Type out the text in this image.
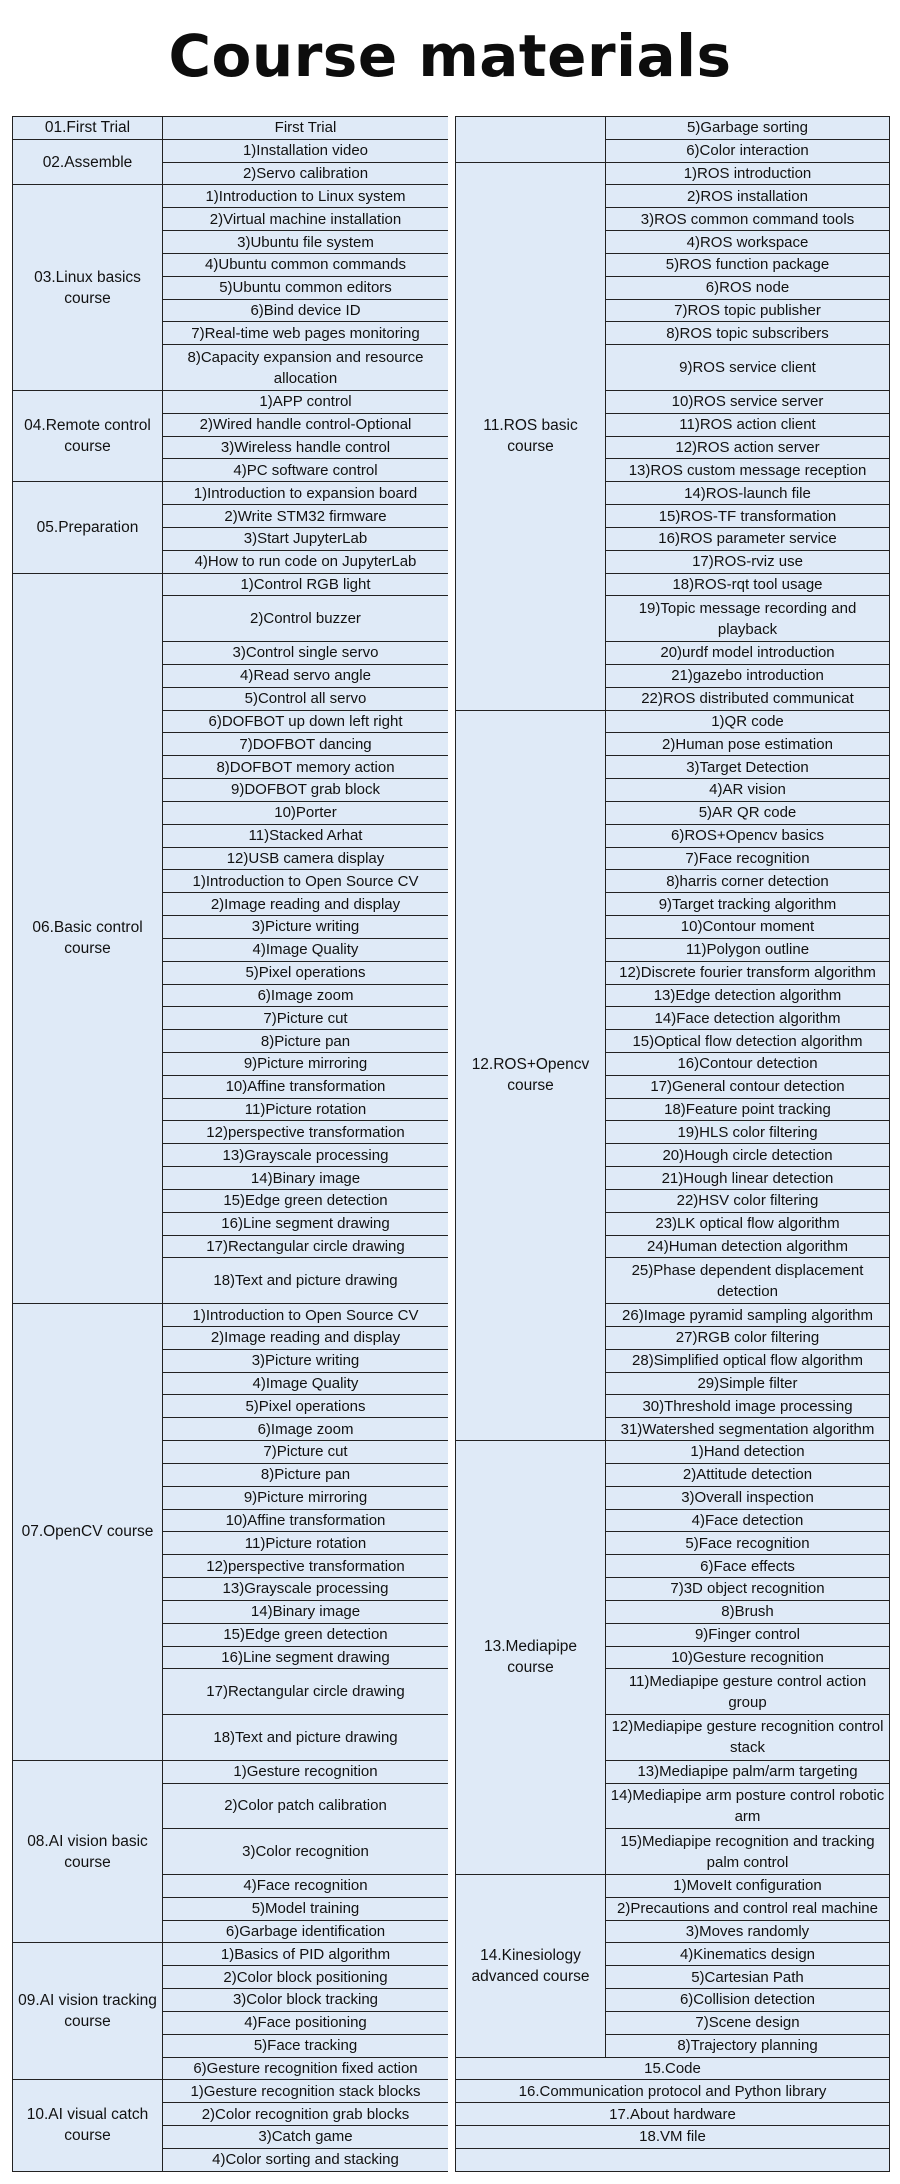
Course materials
01.First Trial	First Trial
02.Assemble	1)Installation video
	2)Servo calibration
03.Linux basics course	1)Introduction to Linux system
	2)Virtual machine installation
	3)Ubuntu file system
	4)Ubuntu common commands
	5)Ubuntu common editors
	6)Bind device ID
	7)Real-time web pages monitoring
	8)Capacity expansion and resource allocation
04.Remote control course	1)APP control
	2)Wired handle control-Optional
	3)Wireless handle control
	4)PC software control
05.Preparation	1)Introduction to expansion board
	2)Write STM32 firmware
	3)Start JupyterLab
	4)How to run code on JupyterLab
06.Basic control course	1)Control RGB light
	2)Control buzzer
	3)Control single servo
	4)Read servo angle
	5)Control all servo
	6)DOFBOT up down left right
	7)DOFBOT dancing
	8)DOFBOT memory action
	9)DOFBOT grab block
	10)Porter
	11)Stacked Arhat
	12)USB camera display
	1)Introduction to Open Source CV
	2)Image reading and display
	3)Picture writing
	4)Image Quality
	5)Pixel operations
	6)Image zoom
	7)Picture cut
	8)Picture pan
	9)Picture mirroring
	10)Affine transformation
	11)Picture rotation
	12)perspective transformation
	13)Grayscale processing
	14)Binary image
	15)Edge green detection
	16)Line segment drawing
	17)Rectangular circle drawing
	18)Text and picture drawing
07.OpenCV course	1)Introduction to Open Source CV
	2)Image reading and display
	3)Picture writing
	4)Image Quality
	5)Pixel operations
	6)Image zoom
	7)Picture cut
	8)Picture pan
	9)Picture mirroring
	10)Affine transformation
	11)Picture rotation
	12)perspective transformation
	13)Grayscale processing
	14)Binary image
	15)Edge green detection
	16)Line segment drawing
	17)Rectangular circle drawing
	18)Text and picture drawing
08.AI vision basic course	1)Gesture recognition
	2)Color patch calibration
	3)Color recognition
	4)Face recognition
	5)Model training
	6)Garbage identification
09.AI vision tracking course	1)Basics of PID algorithm
	2)Color block positioning
	3)Color block tracking
	4)Face positioning
	5)Face tracking
	6)Gesture recognition fixed action
10.AI visual catch course	1)Gesture recognition stack blocks
	2)Color recognition grab blocks
	3)Catch game
	4)Color sorting and stacking
	5)Garbage sorting
	6)Color interaction
11.ROS basic course	1)ROS introduction
	2)ROS installation
	3)ROS common command tools
	4)ROS workspace
	5)ROS function package
	6)ROS node
	7)ROS topic publisher
	8)ROS topic subscribers
	9)ROS service client
	10)ROS service server
	11)ROS action client
	12)ROS action server
	13)ROS custom message reception
	14)ROS-launch file
	15)ROS-TF transformation
	16)ROS parameter service
	17)ROS-rviz use
	18)ROS-rqt tool usage
	19)Topic message recording and playback
	20)urdf model introduction
	21)gazebo introduction
	22)ROS distributed communicat
12.ROS+Opencv course	1)QR code
	2)Human pose estimation
	3)Target Detection
	4)AR vision
	5)AR QR code
	6)ROS+Opencv basics
	7)Face recognition
	8)harris corner detection
	9)Target tracking algorithm
	10)Contour moment
	11)Polygon outline
	12)Discrete fourier transform algorithm
	13)Edge detection algorithm
	14)Face detection algorithm
	15)Optical flow detection algorithm
	16)Contour detection
	17)General contour detection
	18)Feature point tracking
	19)HLS color filtering
	20)Hough circle detection
	21)Hough linear detection
	22)HSV color filtering
	23)LK optical flow algorithm
	24)Human detection algorithm
	25)Phase dependent displacement detection
	26)Image pyramid sampling algorithm
	27)RGB color filtering
	28)Simplified optical flow algorithm
	29)Simple filter
	30)Threshold image processing
	31)Watershed segmentation algorithm
13.Mediapipe course	1)Hand detection
	2)Attitude detection
	3)Overall inspection
	4)Face detection
	5)Face recognition
	6)Face effects
	7)3D object recognition
	8)Brush
	9)Finger control
	10)Gesture recognition
	11)Mediapipe gesture control action group
	12)Mediapipe gesture recognition control stack
	13)Mediapipe palm/arm targeting
	14)Mediapipe arm posture control robotic arm
	15)Mediapipe recognition and tracking palm control
14.Kinesiology advanced course	1)MoveIt configuration
	2)Precautions and control real machine
	3)Moves randomly
	4)Kinematics design
	5)Cartesian Path
	6)Collision detection
	7)Scene design
	8)Trajectory planning
15.Code	
16.Communication protocol and Python library	
17.About hardware	
18.VM file	
